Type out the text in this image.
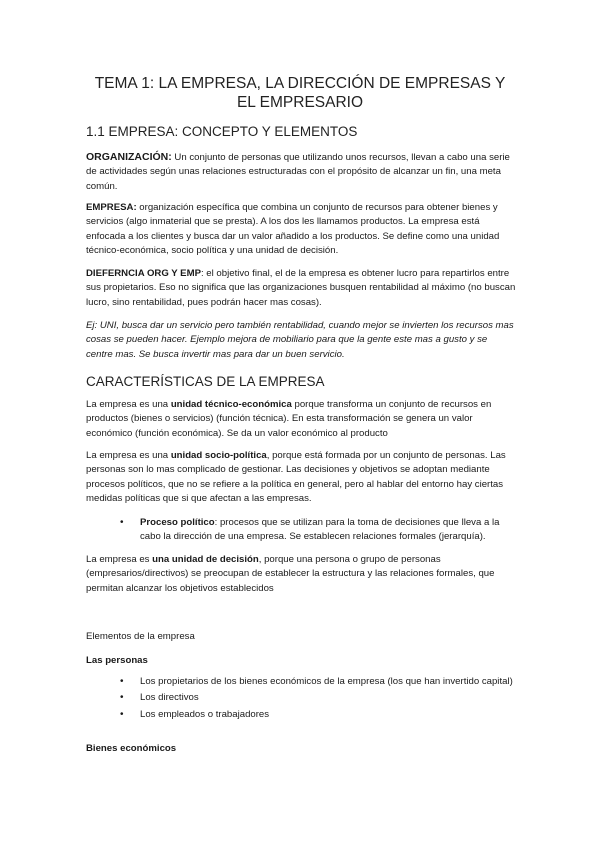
TEMA 1: LA EMPRESA, LA DIRECCIÓN DE EMPRESAS Y EL EMPRESARIO
1.1 EMPRESA: CONCEPTO Y ELEMENTOS
ORGANIZACIÓN: Un conjunto de personas que utilizando unos recursos, llevan a cabo una serie de actividades según unas relaciones estructuradas con el propósito de alcanzar un fin, una meta común.
EMPRESA: organización específica que combina un conjunto de recursos para obtener bienes y servicios (algo inmaterial que se presta). A los dos les llamamos productos. La empresa está enfocada a los clientes y busca dar un valor añadido a los productos. Se define como una unidad técnico-económica, socio política y una unidad de decisión.
DIEFERNCIA ORG Y EMP: el objetivo final, el de la empresa es obtener lucro para repartirlos entre sus propietarios. Eso no significa que las organizaciones busquen rentabilidad al máximo (no buscan lucro, sino rentabilidad, pues podrán hacer mas cosas).
Ej: UNI, busca dar un servicio pero también rentabilidad, cuando mejor se invierten los recursos mas cosas se pueden hacer. Ejemplo mejora de mobiliario para que la gente este mas a gusto y se centre mas. Se busca invertir mas para dar un buen servicio.
CARACTERÍSTICAS DE LA EMPRESA
La empresa es una unidad técnico-económica porque transforma un conjunto de recursos en productos (bienes o servicios) (función técnica). En esta transformación se genera un valor económico (función económica). Se da un valor económico al producto
La empresa es una unidad socio-política, porque está formada por un conjunto de personas. Las personas son lo mas complicado de gestionar. Las decisiones y objetivos se adoptan mediante procesos políticos, que no se refiere a la política en general, pero al hablar del entorno hay ciertas medidas políticas que si que afectan a las empresas.
• Proceso político: procesos que se utilizan para la toma de decisiones que lleva a la cabo la dirección de una empresa. Se establecen relaciones formales (jerarquía).
La empresa es una unidad de decisión, porque una persona o grupo de personas (empresarios/directivos) se preocupan de establecer la estructura y las relaciones formales, que permitan alcanzar los objetivos establecidos
Elementos de la empresa
Las personas
• Los propietarios de los bienes económicos de la empresa (los que han invertido capital)
• Los directivos
• Los empleados o trabajadores
Bienes económicos
